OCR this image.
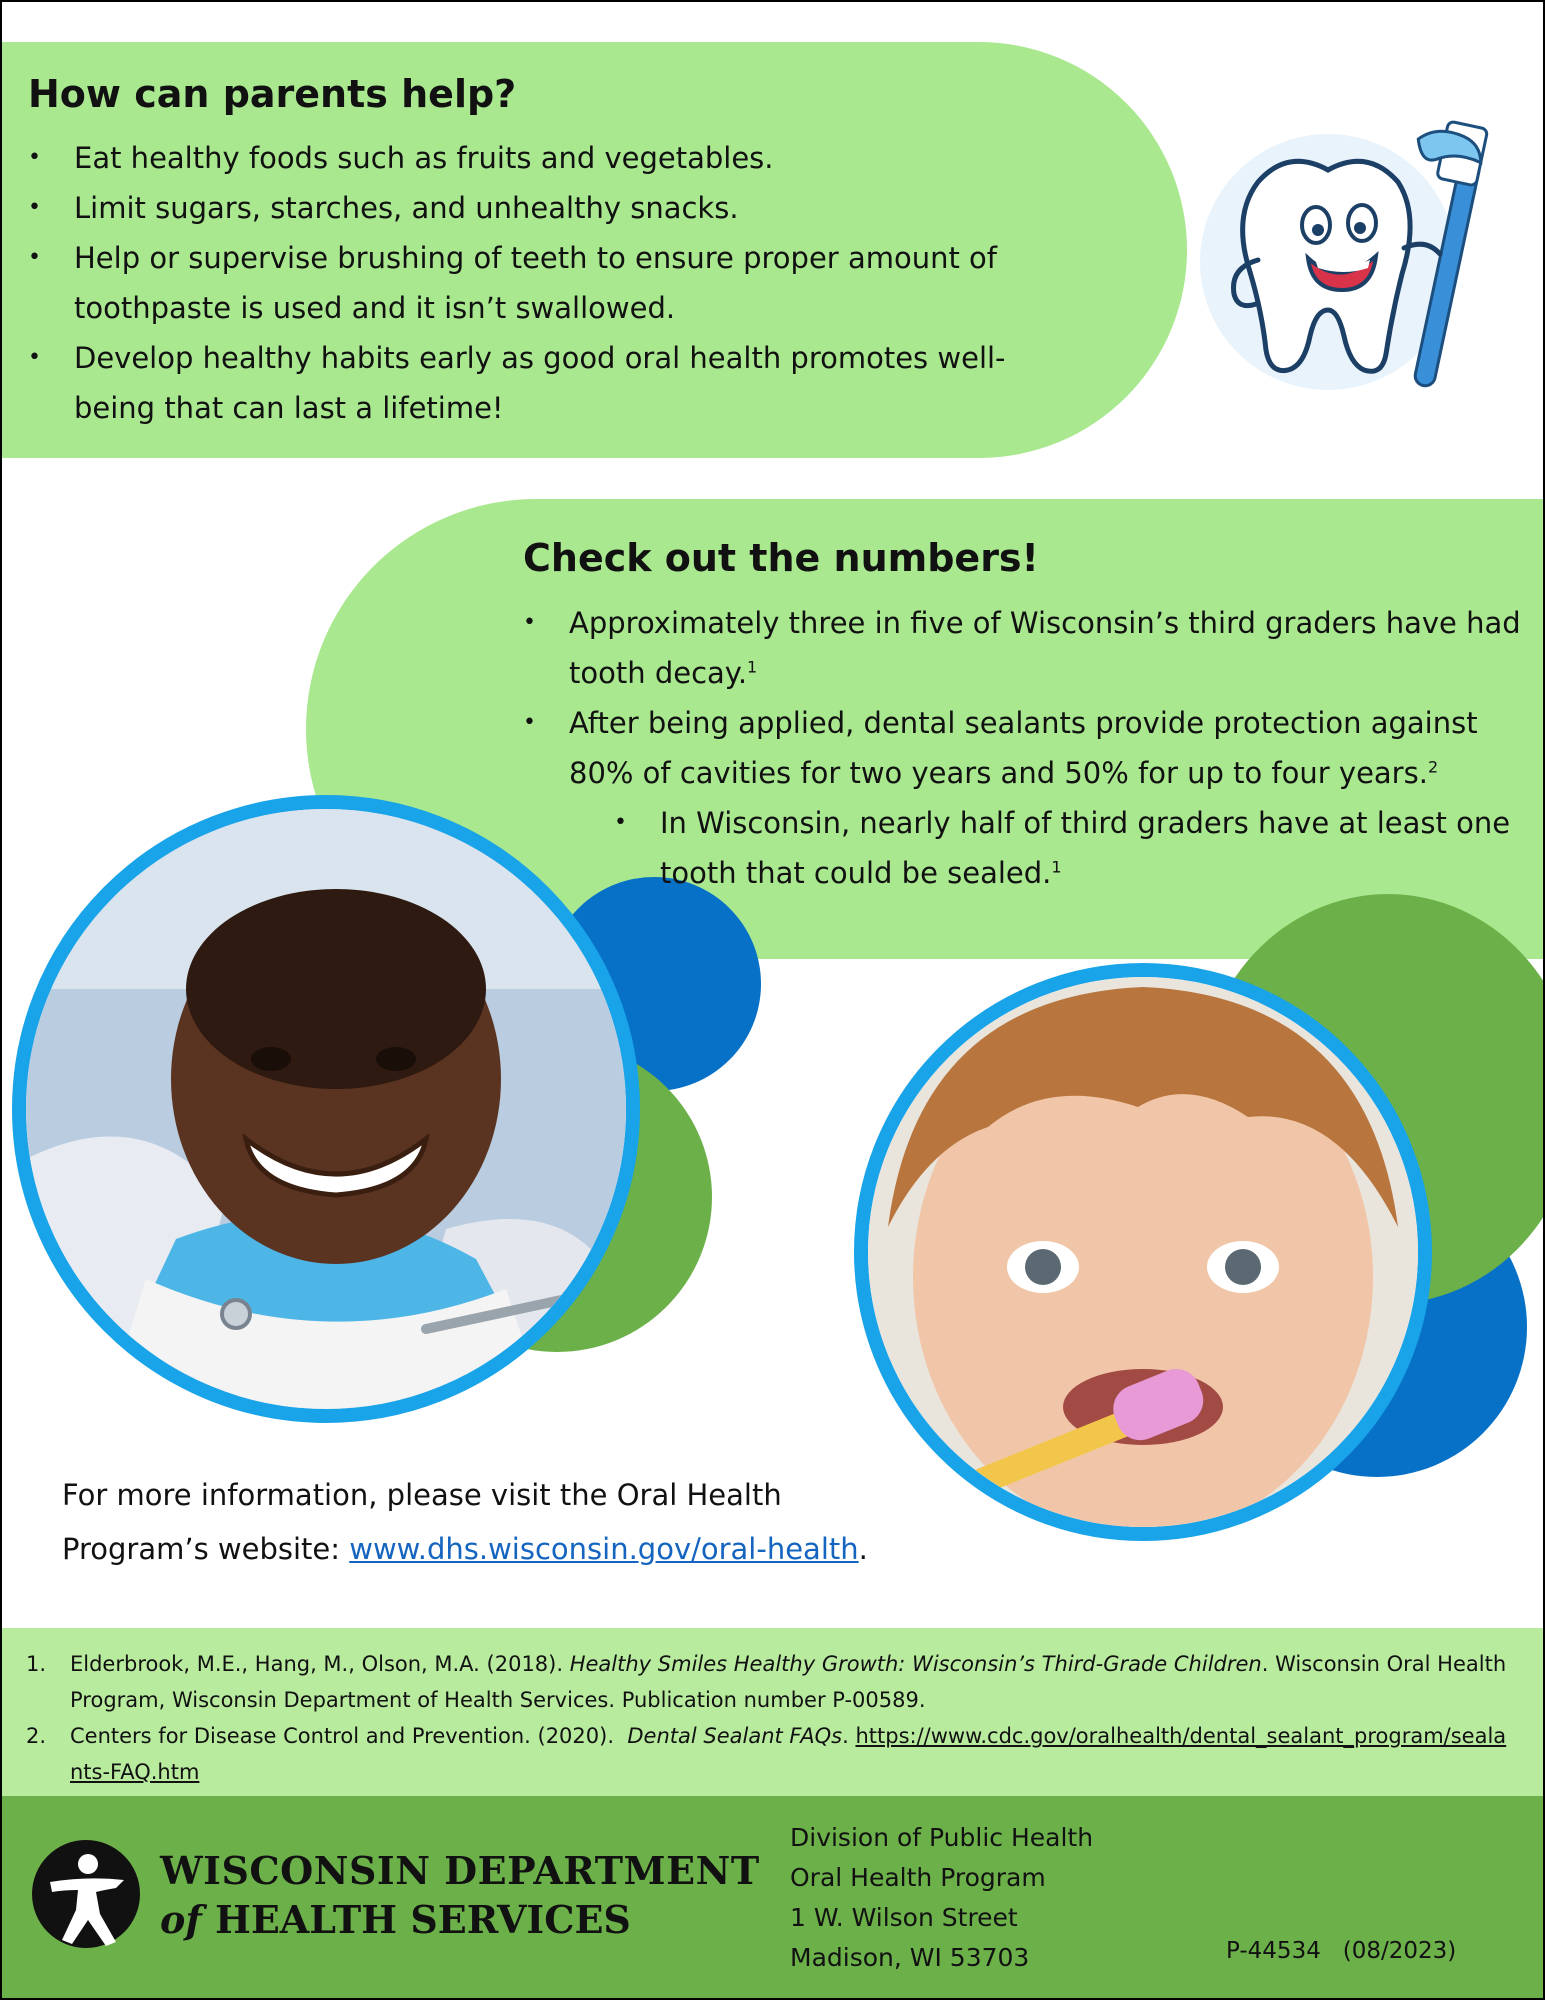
How can parents help?
•	Eat healthy foods such as fruits and vegetables.
•	Limit sugars, starches, and unhealthy snacks.
•	Help or supervise brushing of teeth to ensure proper amount of toothpaste is used and it isn’t swallowed.
•	Develop healthy habits early as good oral health promotes well-being that can last a lifetime!
Check out the numbers!
•	Approximately three in five of Wisconsin’s third graders have had tooth decay.$^1$
•	After being applied, dental sealants provide protection against 80% of cavities for two years and 50% for up to four years.$^2$
•	In Wisconsin, nearly half of third graders have at least one tooth that could be sealed.$^1$
For more information, please visit the Oral Health
Program’s website: www.dhs.wisconsin.gov/oral-health.
1. Elderbrook, M.E., Hang, M., Olson, M.A. (2018). Healthy Smiles Healthy Growth: Wisconsin’s Third-Grade Children. Wisconsin Oral Health Program, Wisconsin Department of Health Services. Publication number P-00589.
2. Centers for Disease Control and Prevention. (2020).  Dental Sealant FAQs. https://www.cdc.gov/oralhealth/dental_sealant_program/sealants-FAQ.htm
WISCONSIN DEPARTMENT
of HEALTH SERVICES
Division of Public Health
Oral Health Program
1 W. Wilson Street
Madison, WI 53703	P-44534   (08/2023)
